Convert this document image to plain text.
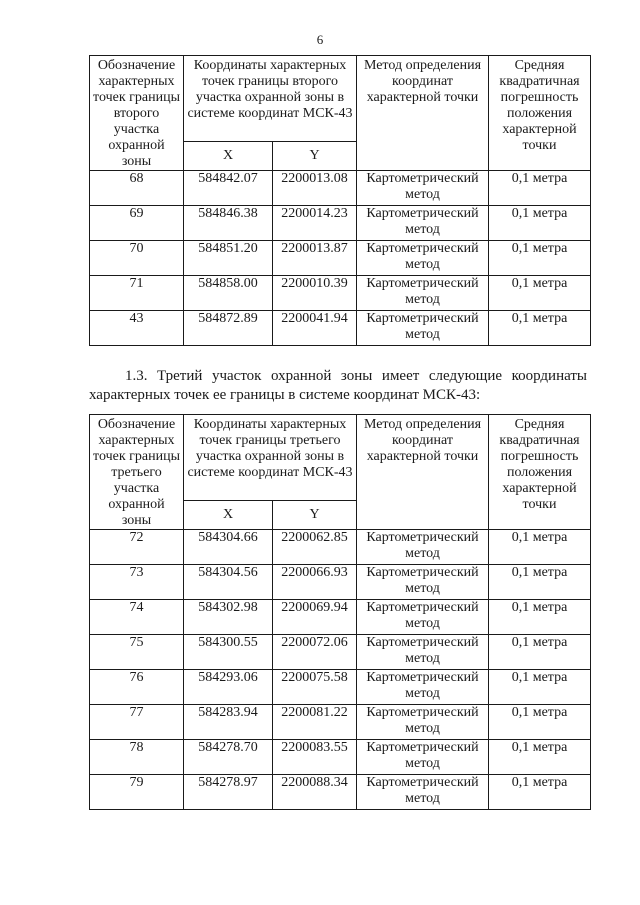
6
Обозначение характерных точек границы второго участка охранной зоны	Координаты характерных точек границы второго участка охранной зоны в системе координат МСК-43		Метод определения координат характерной точки	Средняя квадратичная погрешность положения характерной точки
	X	Y		
68	584842.07	2200013.08	Картометрический метод	0,1 метра
69	584846.38	2200014.23	Картометрический метод	0,1 метра
70	584851.20	2200013.87	Картометрический метод	0,1 метра
71	584858.00	2200010.39	Картометрический метод	0,1 метра
43	584872.89	2200041.94	Картометрический метод	0,1 метра
1.3. Третий участок охранной зоны имеет следующие координаты характерных точек ее границы в системе координат МСК-43:
Обозначение характерных точек границы третьего участка охранной зоны	Координаты характерных точек границы третьего участка охранной зоны в системе координат МСК-43		Метод определения координат характерной точки	Средняя квадратичная погрешность положения характерной точки
	X	Y		
72	584304.66	2200062.85	Картометрический метод	0,1 метра
73	584304.56	2200066.93	Картометрический метод	0,1 метра
74	584302.98	2200069.94	Картометрический метод	0,1 метра
75	584300.55	2200072.06	Картометрический метод	0,1 метра
76	584293.06	2200075.58	Картометрический метод	0,1 метра
77	584283.94	2200081.22	Картометрический метод	0,1 метра
78	584278.70	2200083.55	Картометрический метод	0,1 метра
79	584278.97	2200088.34	Картометрический метод	0,1 метра
